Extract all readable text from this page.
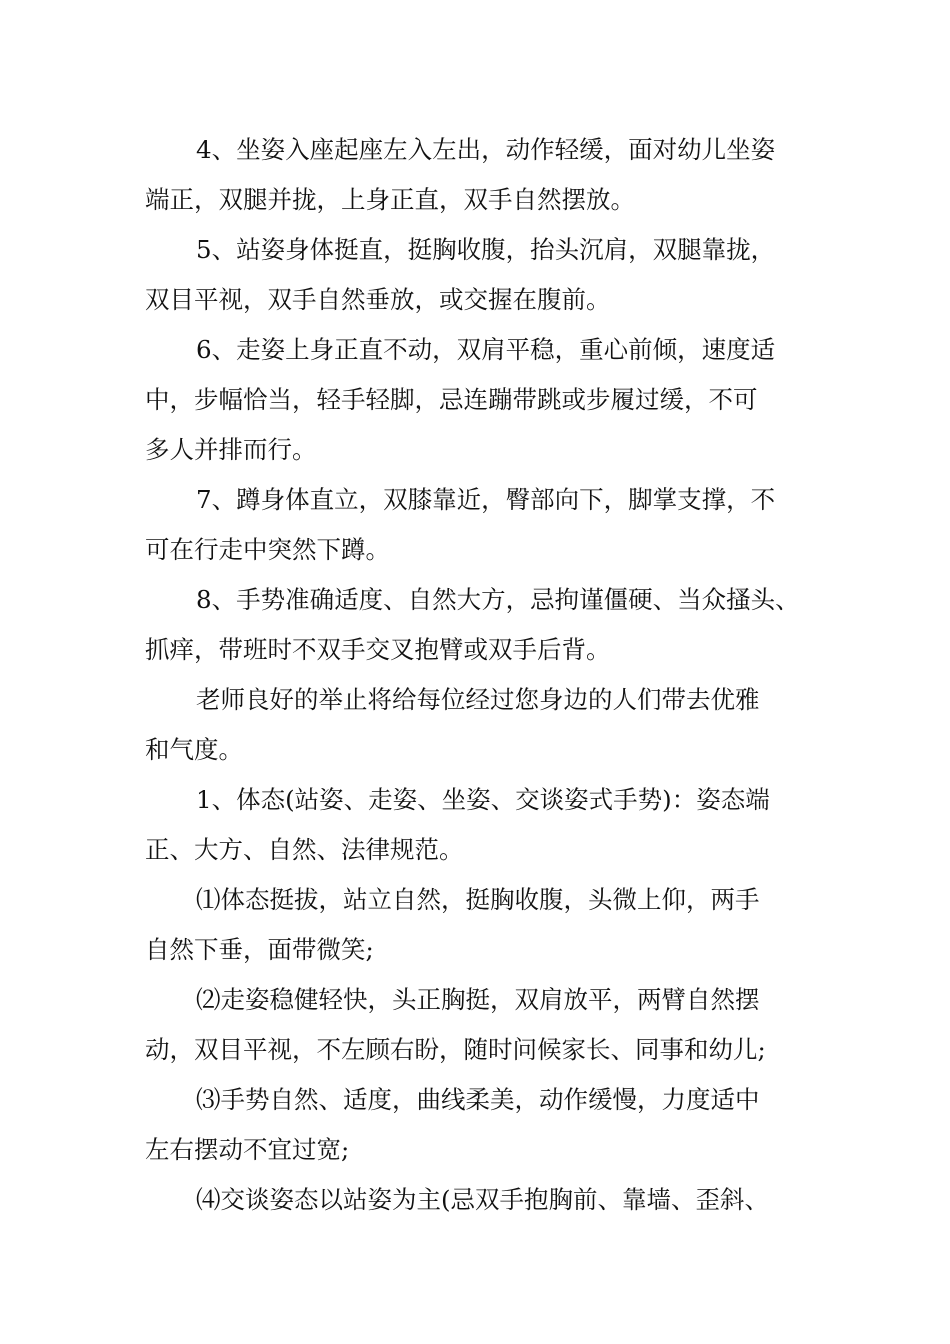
4、坐姿入座起座左入左出，动作轻缓，面对幼儿坐姿
端正，双腿并拢，上身正直，双手自然摆放。
5、站姿身体挺直，挺胸收腹，抬头沉肩，双腿靠拢，
双目平视，双手自然垂放，或交握在腹前。
6、走姿上身正直不动，双肩平稳，重心前倾，速度适
中，步幅恰当，轻手轻脚，忌连蹦带跳或步履过缓，不可
多人并排而行。
7、蹲身体直立，双膝靠近，臀部向下，脚掌支撑，不
可在行走中突然下蹲。
8、手势准确适度、自然大方，忌拘谨僵硬、当众搔头、
抓痒，带班时不双手交叉抱臂或双手后背。
老师良好的举止将给每位经过您身边的人们带去优雅
和气度。
1、体态(站姿、走姿、坐姿、交谈姿式手势)：姿态端
正、大方、自然、法律规范。
⑴体态挺拔，站立自然，挺胸收腹，头微上仰，两手
自然下垂，面带微笑;
⑵走姿稳健轻快，头正胸挺，双肩放平，两臂自然摆
动，双目平视，不左顾右盼，随时问候家长、同事和幼儿;
⑶手势自然、适度，曲线柔美，动作缓慢，力度适中
左右摆动不宜过宽;
⑷交谈姿态以站姿为主(忌双手抱胸前、靠墙、歪斜、
